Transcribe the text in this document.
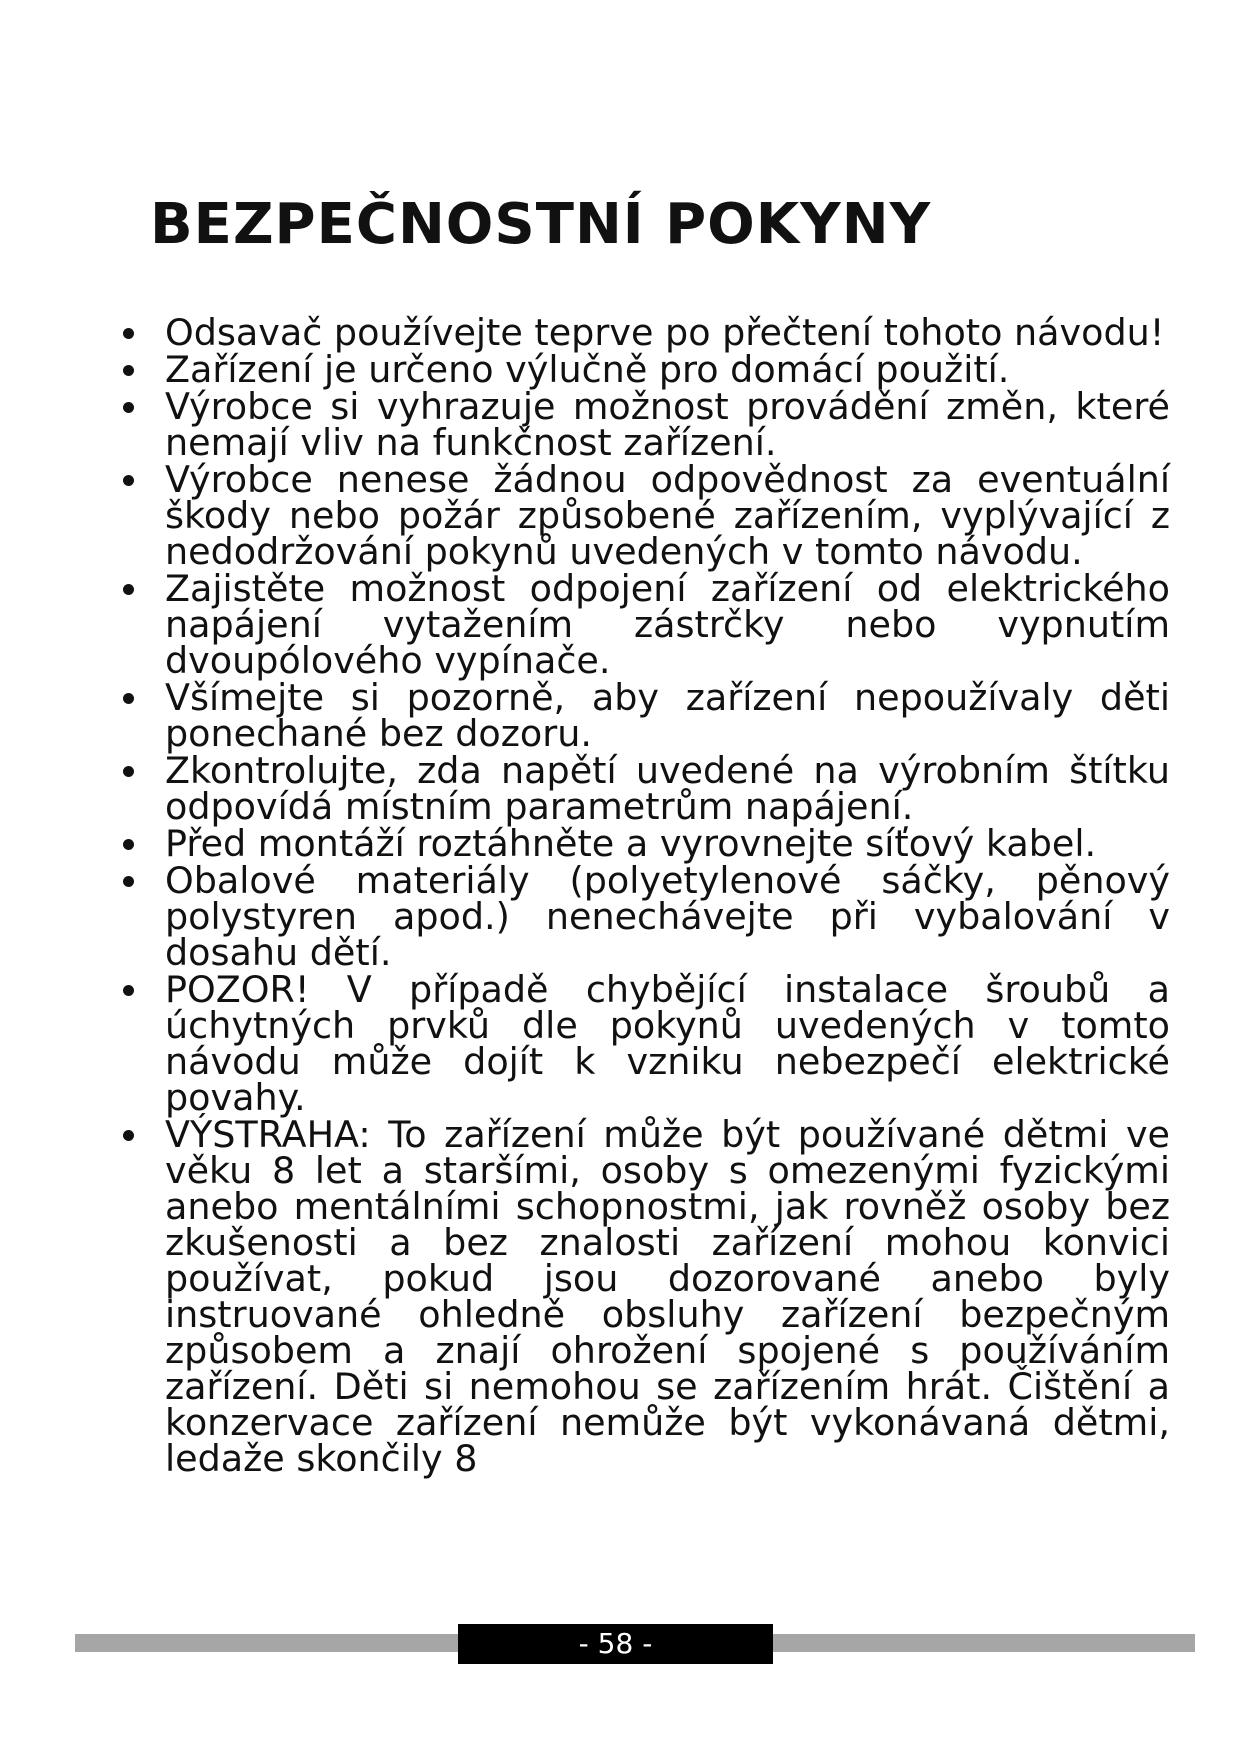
BEZPEČNOSTNÍ POKYNY
Odsavač používejte teprve po přečtení tohoto návodu!
Zařízení je určeno výlučně pro domácí použití.
Výrobce si vyhrazuje možnost provádění změn, které nemají vliv na funkčnost zařízení.
Výrobce nenese žádnou odpovědnost za eventuální škody nebo požár způsobené zařízením, vyplývající z nedodržování pokynů uvedených v tomto návodu.
Zajistěte možnost odpojení zařízení od elektrického napájení vytažením zástrčky nebo vypnutím dvoupólového vypínače.
Všímejte si pozorně, aby zařízení nepoužívaly děti ponechané bez dozoru.
Zkontrolujte, zda napětí uvedené na výrobním štítku odpovídá místním parametrům napájení.
Před montáží roztáhněte a vyrovnejte síťový kabel.
Obalové materiály (polyetylenové sáčky, pěnový polystyren apod.) nenechávejte při vybalování v dosahu dětí.
POZOR! V případě chybějící instalace šroubů a úchytných prvků dle pokynů uvedených v tomto návodu může dojít k vzniku nebezpečí elektrické povahy.
VÝSTRAHA: To zařízení může být používané dětmi ve věku 8 let a staršími, osoby s omezenými fyzickými anebo mentálními schopnostmi, jak rovněž osoby bez zkušenosti a bez znalosti zařízení mohou konvici používat, pokud jsou dozorované anebo byly instruované ohledně obsluhy zařízení bezpečným způsobem a znají ohrožení spojené s používáním zařízení. Děti si nemohou se zařízením hrát. Čištění a konzervace zařízení nemůže být vykonávaná dětmi, ledaže skončily 8
- 58 -
